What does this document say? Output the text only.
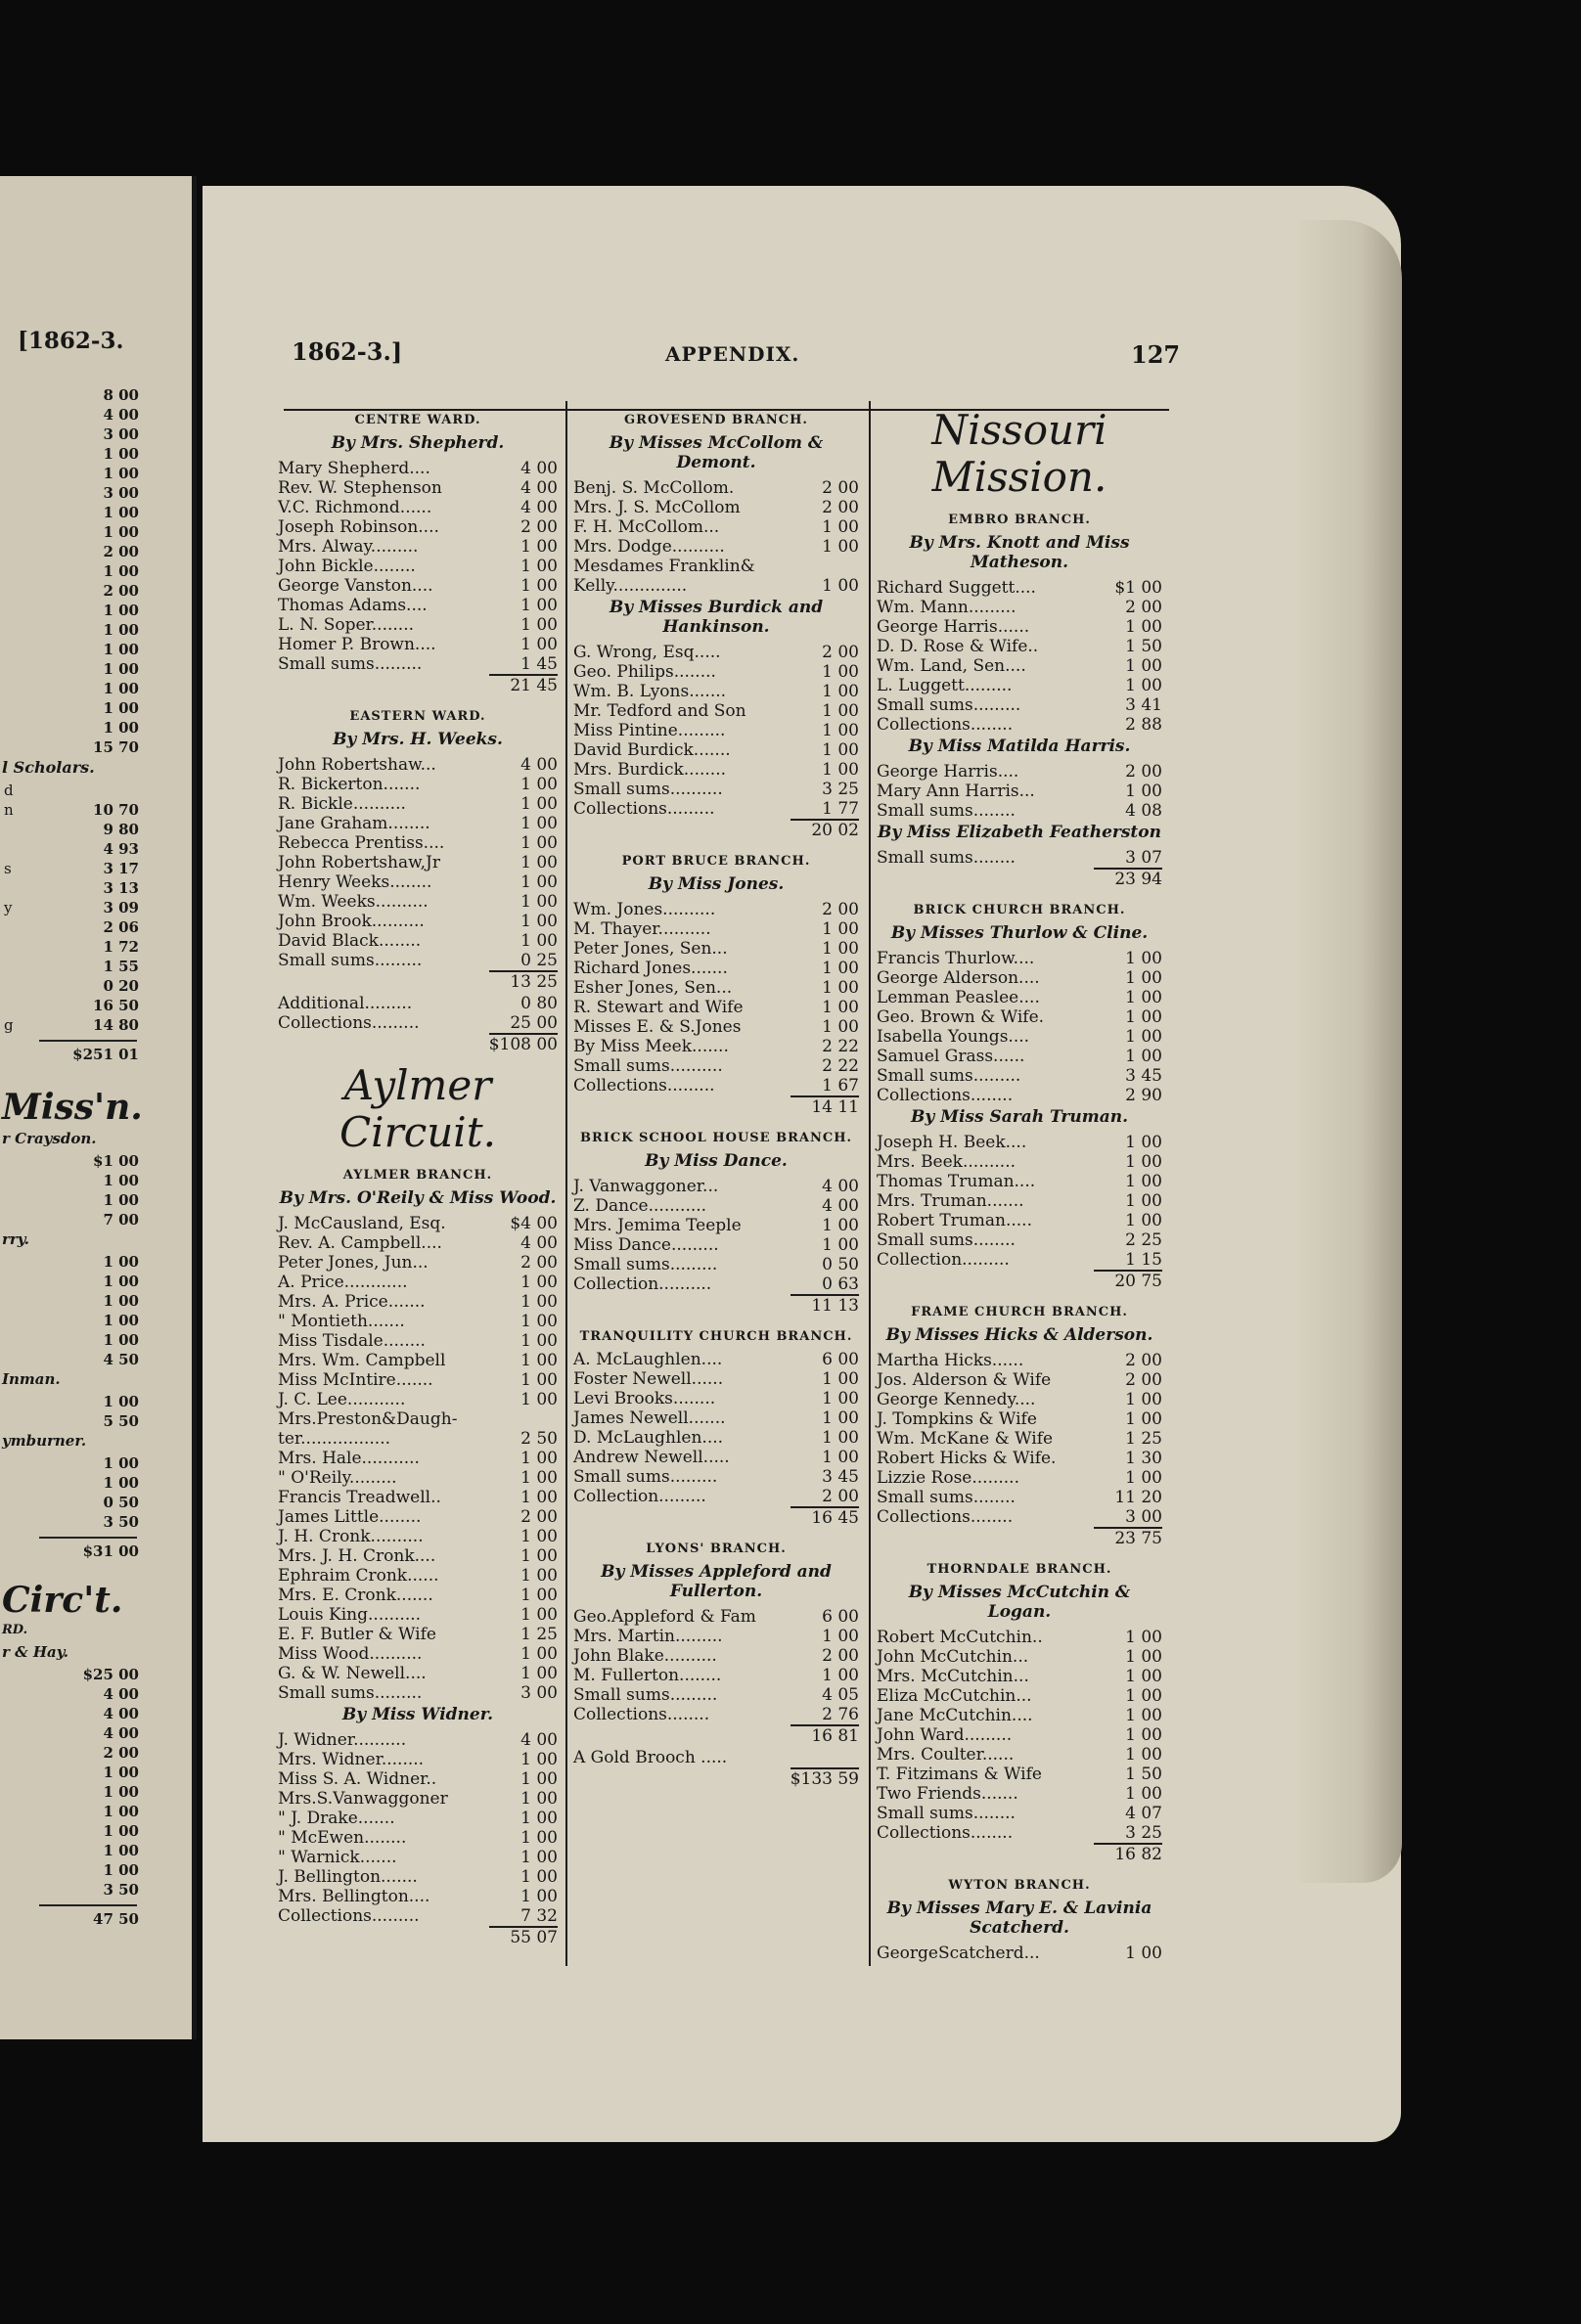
[1862-3.
8 00
4 00
3 00
1 00
1 00
3 00
1 00
1 00
2 00
1 00
2 00
1 00
1 00
1 00
1 00
1 00
1 00
1 00
15 70
l Scholars.
d
n	10 70
9 80
4 93
s	3 17
3 13
y	3 09
2 06
1 72
1 55
0 20
16 50
g	14 80
$251 01
Miss'n.
r Craysdon.
$1 00
1 00
1 00
7 00
rry.
1 00
1 00
1 00
1 00
1 00
4 50
Inman.
1 00
5 50
ymburner.
1 00
1 00
0 50
3 50
$31 00
Circ't.
RD.
r & Hay.
$25 00
4 00
4 00
4 00
2 00
1 00
1 00
1 00
1 00
1 00
1 00
3 50
47 50
1862-3.]	APPENDIX.	127
CENTRE WARD.
By Mrs. Shepherd.
Mary Shepherd....	4 00
Rev. W. Stephenson	4 00
V.C. Richmond......	4 00
Joseph Robinson....	2 00
Mrs. Alway.........	1 00
John Bickle........	1 00
George Vanston....	1 00
Thomas Adams....	1 00
L. N. Soper........	1 00
Homer P. Brown....	1 00
Small sums.........	1 45
21 45
EASTERN WARD.
By Mrs. H. Weeks.
John Robertshaw...	4 00
R. Bickerton.......	1 00
R. Bickle..........	1 00
Jane Graham........	1 00
Rebecca Prentiss....	1 00
John Robertshaw,Jr	1 00
Henry Weeks........	1 00
Wm. Weeks..........	1 00
John Brook..........	1 00
David Black........	1 00
Small sums.........	0 25
13 25
Additional.........	0 80
Collections.........	25 00
$108 00
Aylmer Circuit.
AYLMER BRANCH.
By Mrs. O'Reily & Miss Wood.
J. McCausland, Esq.	$4 00
Rev. A. Campbell....	4 00
Peter Jones, Jun...	2 00
A. Price............	1 00
Mrs. A. Price.......	1 00
" Montieth.......	1 00
Miss Tisdale........	1 00
Mrs. Wm. Campbell	1 00
Miss McIntire.......	1 00
J. C. Lee...........	1 00
Mrs.Preston&Daugh-
ter.................	2 50
Mrs. Hale...........	1 00
" O'Reily.........	1 00
Francis Treadwell..	1 00
James Little........	2 00
J. H. Cronk..........	1 00
Mrs. J. H. Cronk....	1 00
Ephraim Cronk......	1 00
Mrs. E. Cronk.......	1 00
Louis King..........	1 00
E. F. Butler & Wife	1 25
Miss Wood..........	1 00
G. & W. Newell....	1 00
Small sums.........	3 00
By Miss Widner.
J. Widner..........	4 00
Mrs. Widner........	1 00
Miss S. A. Widner..	1 00
Mrs.S.Vanwaggoner	1 00
" J. Drake.......	1 00
" McEwen........	1 00
" Warnick.......	1 00
J. Bellington.......	1 00
Mrs. Bellington....	1 00
Collections.........	7 32
55 07
GROVESEND BRANCH.
By Misses McCollom & Demont.
Benj. S. McCollom.	2 00
Mrs. J. S. McCollom	2 00
F. H. McCollom...	1 00
Mrs. Dodge..........	1 00
Mesdames Franklin&
Kelly..............	1 00
By Misses Burdick and Hankinson.
G. Wrong, Esq.....	2 00
Geo. Philips........	1 00
Wm. B. Lyons.......	1 00
Mr. Tedford and Son	1 00
Miss Pintine.........	1 00
David Burdick.......	1 00
Mrs. Burdick........	1 00
Small sums..........	3 25
Collections.........	1 77
20 02
PORT BRUCE BRANCH.
By Miss Jones.
Wm. Jones..........	2 00
M. Thayer..........	1 00
Peter Jones, Sen...	1 00
Richard Jones.......	1 00
Esher Jones, Sen...	1 00
R. Stewart and Wife	1 00
Misses E. & S.Jones	1 00
By Miss Meek.......	2 22
Small sums..........	2 22
Collections.........	1 67
14 11
BRICK SCHOOL HOUSE BRANCH.
By Miss Dance.
J. Vanwaggoner...	4 00
Z. Dance...........	4 00
Mrs. Jemima Teeple	1 00
Miss Dance.........	1 00
Small sums.........	0 50
Collection..........	0 63
11 13
TRANQUILITY CHURCH BRANCH.
A. McLaughlen....	6 00
Foster Newell......	1 00
Levi Brooks........	1 00
James Newell.......	1 00
D. McLaughlen....	1 00
Andrew Newell.....	1 00
Small sums.........	3 45
Collection.........	2 00
16 45
LYONS' BRANCH.
By Misses Appleford and Fullerton.
Geo.Appleford & Fam	6 00
Mrs. Martin.........	1 00
John Blake..........	2 00
M. Fullerton........	1 00
Small sums.........	4 05
Collections........	2 76
16 81
A Gold Brooch .....
$133 59
Nissouri Mission.
EMBRO BRANCH.
By Mrs. Knott and Miss Matheson.
Richard Suggett....	$1 00
Wm. Mann.........	2 00
George Harris......	1 00
D. D. Rose & Wife..	1 50
Wm. Land, Sen....	1 00
L. Luggett.........	1 00
Small sums.........	3 41
Collections........	2 88
By Miss Matilda Harris.
George Harris....	2 00
Mary Ann Harris...	1 00
Small sums........	4 08
By Miss Elizabeth Featherston
Small sums........	3 07
23 94
BRICK CHURCH BRANCH.
By Misses Thurlow & Cline.
Francis Thurlow....	1 00
George Alderson....	1 00
Lemman Peaslee....	1 00
Geo. Brown & Wife.	1 00
Isabella Youngs....	1 00
Samuel Grass......	1 00
Small sums.........	3 45
Collections........	2 90
By Miss Sarah Truman.
Joseph H. Beek....	1 00
Mrs. Beek..........	1 00
Thomas Truman....	1 00
Mrs. Truman.......	1 00
Robert Truman.....	1 00
Small sums........	2 25
Collection.........	1 15
20 75
FRAME CHURCH BRANCH.
By Misses Hicks & Alderson.
Martha Hicks......	2 00
Jos. Alderson & Wife	2 00
George Kennedy....	1 00
J. Tompkins & Wife	1 00
Wm. McKane & Wife	1 25
Robert Hicks & Wife.	1 30
Lizzie Rose.........	1 00
Small sums........	11 20
Collections........	3 00
23 75
THORNDALE BRANCH.
By Misses McCutchin & Logan.
Robert McCutchin..	1 00
John McCutchin...	1 00
Mrs. McCutchin...	1 00
Eliza McCutchin...	1 00
Jane McCutchin....	1 00
John Ward.........	1 00
Mrs. Coulter......	1 00
T. Fitzimans & Wife	1 50
Two Friends.......	1 00
Small sums........	4 07
Collections........	3 25
16 82
WYTON BRANCH.
By Misses Mary E. & Lavinia Scatcherd.
GeorgeScatcherd...	1 00
